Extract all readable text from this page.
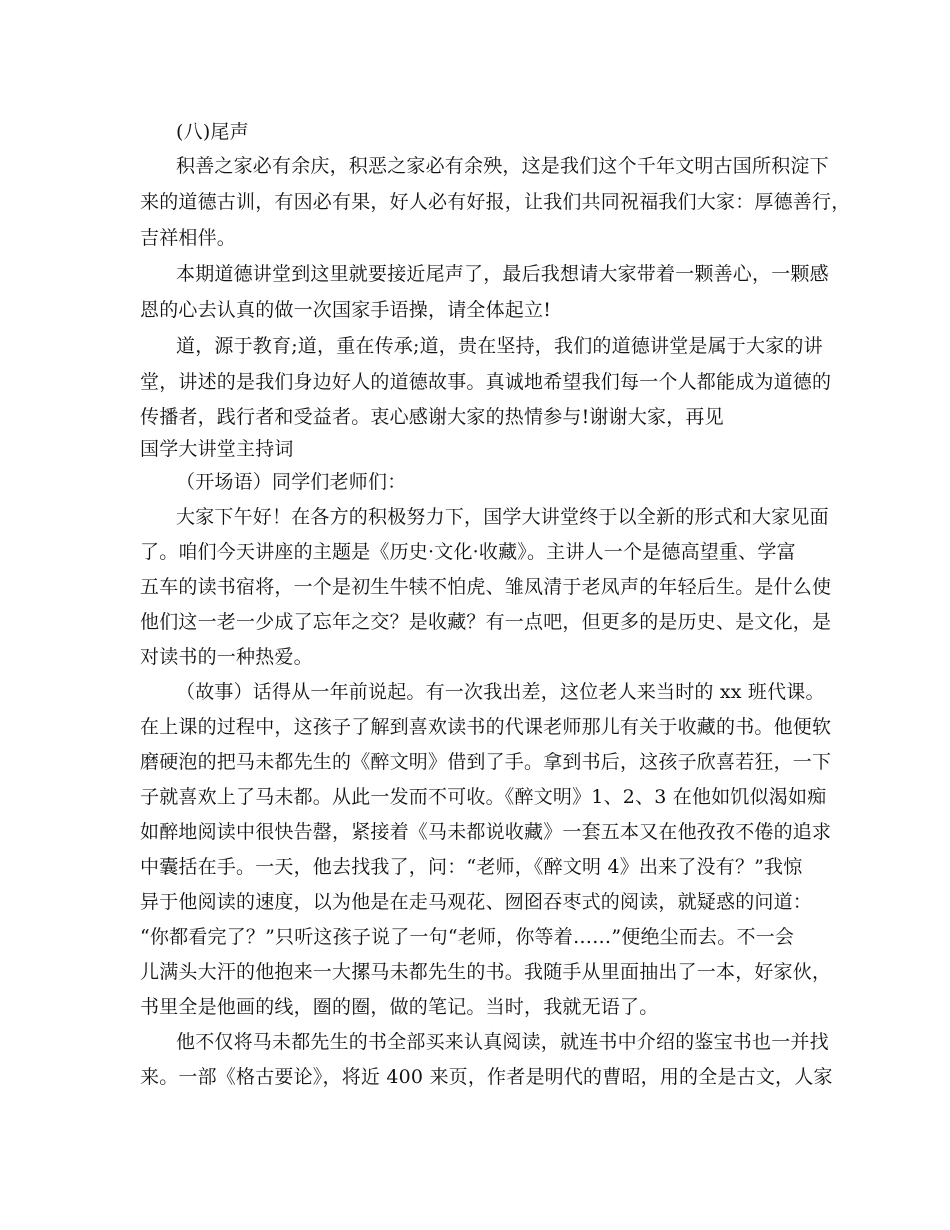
(八)尾声

积善之家必有余庆，积恶之家必有余殃，这是我们这个千年文明古国所积淀下

来的道德古训，有因必有果，好人必有好报，让我们共同祝福我们大家：厚德善行，

吉祥相伴。

本期道德讲堂到这里就要接近尾声了，最后我想请大家带着一颗善心，一颗感

恩的心去认真的做一次国家手语操，请全体起立!

道，源于教育;道，重在传承;道，贵在坚持，我们的道德讲堂是属于大家的讲

堂，讲述的是我们身边好人的道德故事。真诚地希望我们每一个人都能成为道德的

传播者，践行者和受益者。衷心感谢大家的热情参与!谢谢大家，再见

国学大讲堂主持词

（开场语）同学们老师们：

大家下午好！在各方的积极努力下，国学大讲堂终于以全新的形式和大家见面

了。咱们今天讲座的主题是《历史·文化·收藏》。主讲人一个是德高望重、学富

五车的读书宿将，一个是初生牛犊不怕虎、雏凤清于老凤声的年轻后生。是什么使

他们这一老一少成了忘年之交？是收藏？有一点吧，但更多的是历史、是文化，是

对读书的一种热爱。

（故事）话得从一年前说起。有一次我出差，这位老人来当时的 xx 班代课。

在上课的过程中，这孩子了解到喜欢读书的代课老师那儿有关于收藏的书。他便软

磨硬泡的把马未都先生的《醉文明》借到了手。拿到书后，这孩子欣喜若狂，一下

子就喜欢上了马未都。从此一发而不可收。《醉文明》1、2、3 在他如饥似渴如痴

如醉地阅读中很快告罄，紧接着《马未都说收藏》一套五本又在他孜孜不倦的追求

中囊括在手。一天，他去找我了，问：“老师，《醉文明 4》出来了没有？”我惊

异于他阅读的速度，以为他是在走马观花、囫囵吞枣式的阅读，就疑惑的问道：

“你都看完了？”只听这孩子说了一句“老师，你等着……”便绝尘而去。不一会

儿满头大汗的他抱来一大摞马未都先生的书。我随手从里面抽出了一本，好家伙，

书里全是他画的线，圈的圈，做的笔记。当时，我就无语了。

他不仅将马未都先生的书全部买来认真阅读，就连书中介绍的鉴宝书也一并找

来。一部《格古要论》，将近 400 来页，作者是明代的曹昭，用的全是古文，人家
